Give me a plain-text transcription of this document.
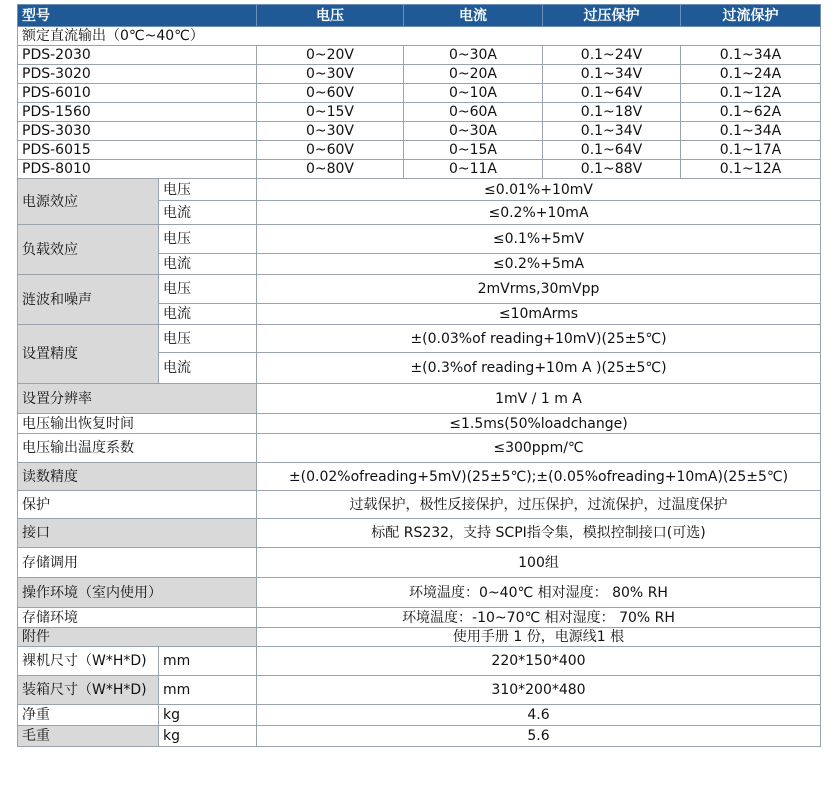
型号		电压	电流	过压保护	过流保护
额定直流输出（0℃~40℃）					
PDS-2030		0~20V	0~30A	0.1~24V	0.1~34A
PDS-3020		0~30V	0~20A	0.1~34V	0.1~24A
PDS-6010		0~60V	0~10A	0.1~64V	0.1~12A
PDS-1560		0~15V	0~60A	0.1~18V	0.1~62A
PDS-3030		0~30V	0~30A	0.1~34V	0.1~34A
PDS-6015		0~60V	0~15A	0.1~64V	0.1~17A
PDS-8010		0~80V	0~11A	0.1~88V	0.1~12A
电源效应	电压	≤0.01%+10mV			
	电流	≤0.2%+10mA			
负载效应	电压	≤0.1%+5mV			
	电流	≤0.2%+5mA			
涟波和噪声	电压	2mVrms,30mVpp			
	电流	≤10mArms			
设置精度	电压	±(0.03%of reading+10mV)(25±5℃)			
	电流	±(0.3%of reading+10m A )(25±5℃)			
设置分辨率		1mV / 1 m A			
电压输出恢复时间		≤1.5ms(50%loadchange)			
电压输出温度系数		≤300ppm/℃			
读数精度		±(0.02%ofreading+5mV)(25±5℃);±(0.05%ofreading+10mA)(25±5℃)			
保护		过载保护，极性反接保护，过压保护，过流保护，过温度保护			
接口		标配 RS232，支持 SCPI指令集，模拟控制接口(可选)			
存储调用		100组			
操作环境（室内使用）		环境温度：0~40℃ 相对湿度： 80% RH			
存储环境		环境温度：-10~70℃ 相对湿度： 70% RH			
附件		使用手册 1 份，电源线1 根			
裸机尺寸（W*H*D)	mm	220*150*400			
装箱尺寸（W*H*D)	mm	310*200*480			
净重	kg	4.6			
毛重	kg	5.6			
